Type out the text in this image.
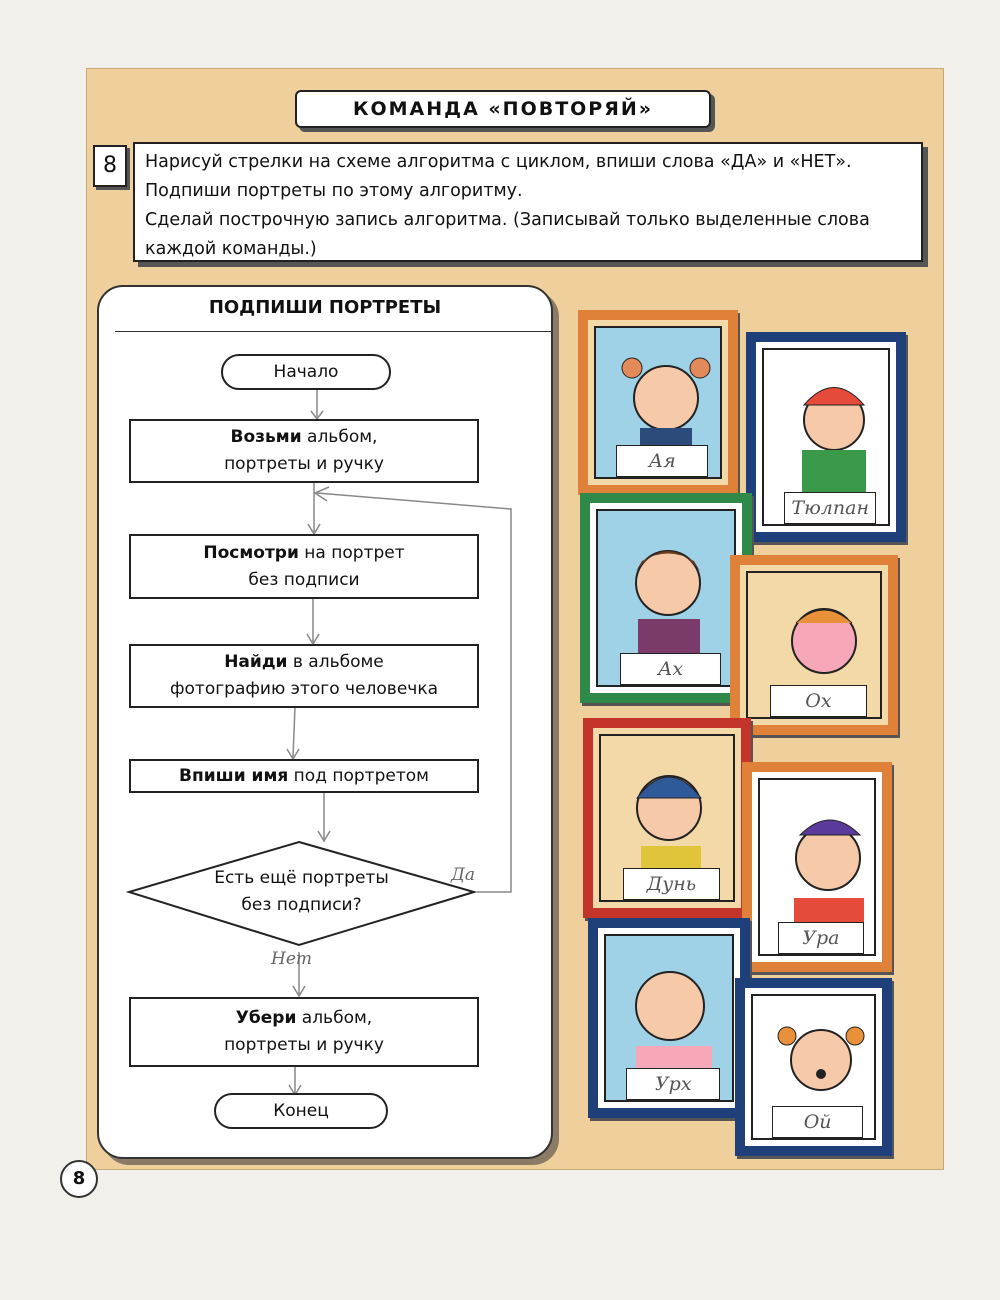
КОМАНДА «ПОВТОРЯЙ»
8	Нарисуй стрелки на схеме алгоритма с циклом, впиши слова «ДА» и «НЕТ».
Подпиши портреты по этому алгоритму.
Сделай построчную запись алгоритма. (Записывай только выделенные слова
каждой команды.)
ПОДПИШИ ПОРТРЕТЫ
Начало
Возьми альбом,
портреты и ручку
Посмотри на портрет
без подписи
Найди в альбоме
фотографию этого человечка
Впиши имя под портретом
Есть ещё портреты
без подписи?
Да
Нет
Убери альбом,
портреты и ручку
Конец
Ая
Тюлпан
Ах
Ох
Дунь
Ура
Урх
Ой
8
